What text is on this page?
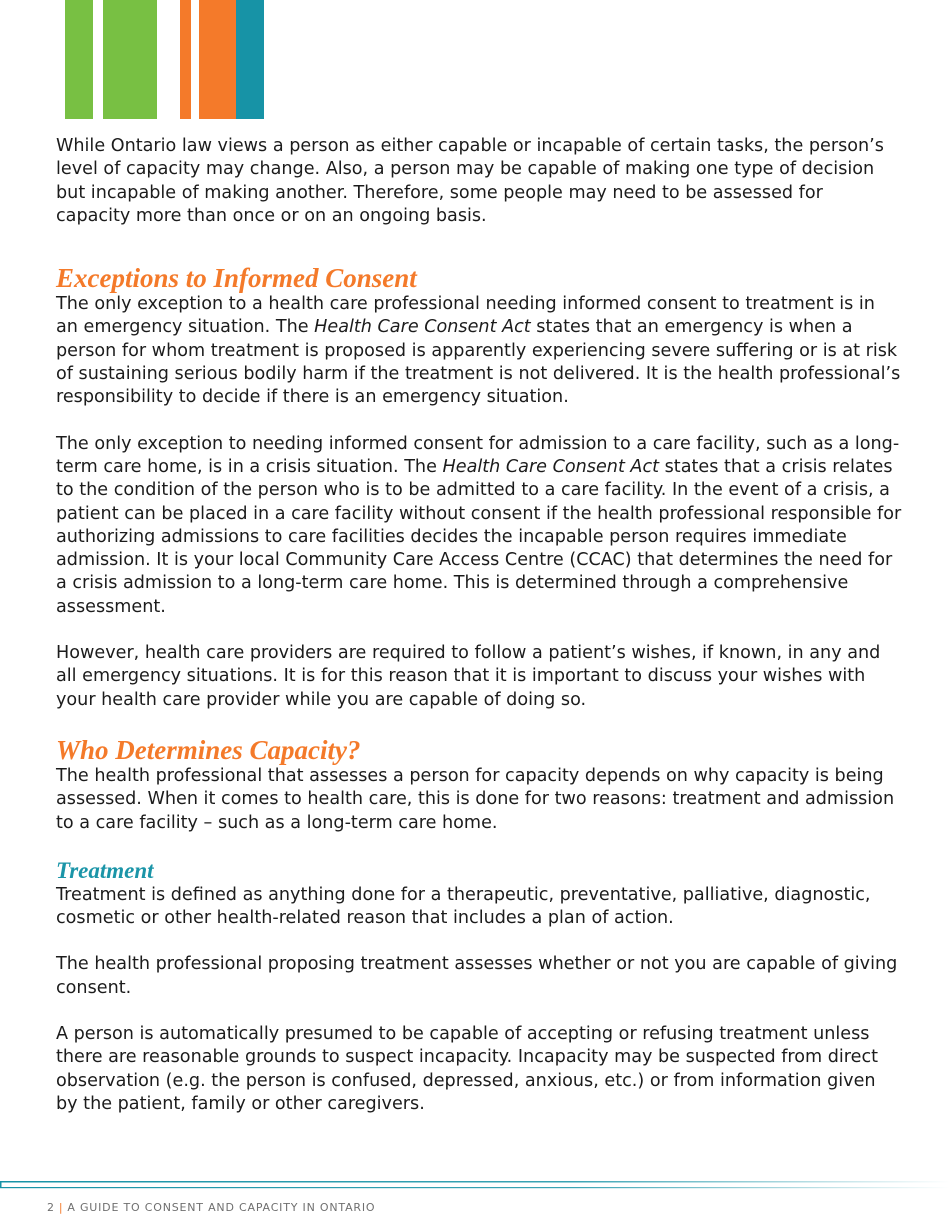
While Ontario law views a person as either capable or incapable of certain tasks, the person’s level of capacity may change. Also, a person may be capable of making one type of decision but incapable of making another. Therefore, some people may need to be assessed for capacity more than once or on an ongoing basis.

Exceptions to Informed Consent

The only exception to a health care professional needing informed consent to treatment is in an emergency situation. The Health Care Consent Act states that an emergency is when a person for whom treatment is proposed is apparently experiencing severe suffering or is at risk of sustaining serious bodily harm if the treatment is not delivered. It is the health professional’s responsibility to decide if there is an emergency situation.

The only exception to needing informed consent for admission to a care facility, such as a long-term care home, is in a crisis situation. The Health Care Consent Act states that a crisis relates to the condition of the person who is to be admitted to a care facility. In the event of a crisis, a patient can be placed in a care facility without consent if the health professional responsible for authorizing admissions to care facilities decides the incapable person requires immediate admission. It is your local Community Care Access Centre (CCAC) that determines the need for a crisis admission to a long-term care home. This is determined through a comprehensive assessment.

However, health care providers are required to follow a patient’s wishes, if known, in any and all emergency situations. It is for this reason that it is important to discuss your wishes with your health care provider while you are capable of doing so.

Who Determines Capacity?

The health professional that assesses a person for capacity depends on why capacity is being assessed. When it comes to health care, this is done for two reasons: treatment and admission to a care facility – such as a long-term care home.

Treatment

Treatment is defined as anything done for a therapeutic, preventative, palliative, diagnostic, cosmetic or other health-related reason that includes a plan of action.

The health professional proposing treatment assesses whether or not you are capable of giving consent.

A person is automatically presumed to be capable of accepting or refusing treatment unless there are reasonable grounds to suspect incapacity. Incapacity may be suspected from direct observation (e.g. the person is confused, depressed, anxious, etc.) or from information given by the patient, family or other caregivers.

2 | A GUIDE TO CONSENT AND CAPACITY IN ONTARIO
